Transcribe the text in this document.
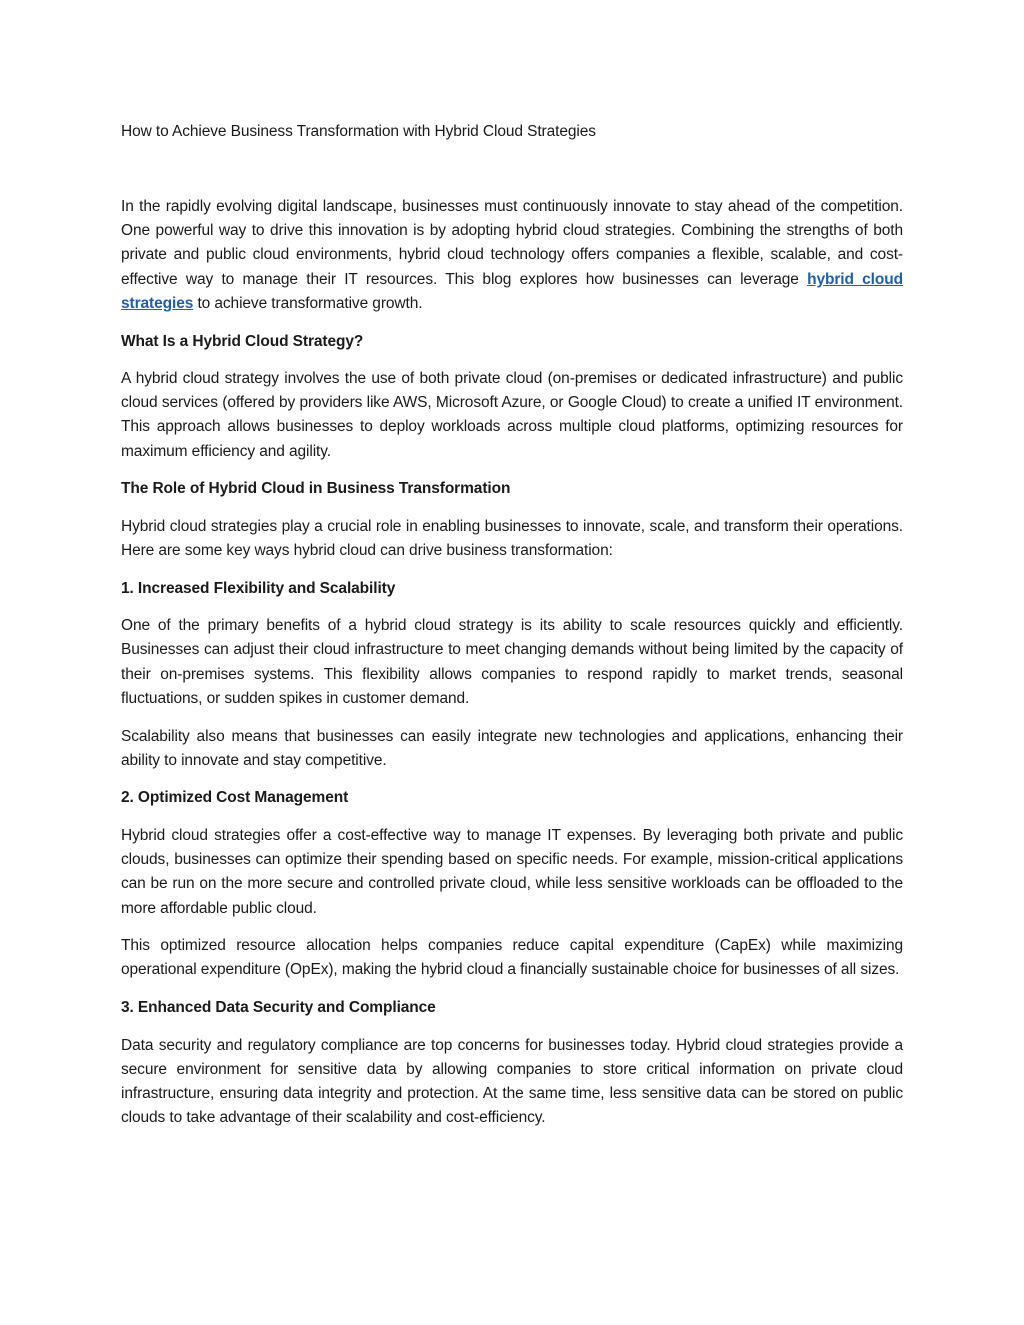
How to Achieve Business Transformation with Hybrid Cloud Strategies

In the rapidly evolving digital landscape, businesses must continuously innovate to stay ahead of the competition. One powerful way to drive this innovation is by adopting hybrid cloud strategies. Combining the strengths of both private and public cloud environments, hybrid cloud technology offers companies a flexible, scalable, and cost-effective way to manage their IT resources. This blog explores how businesses can leverage hybrid cloud strategies to achieve transformative growth.

What Is a Hybrid Cloud Strategy?

A hybrid cloud strategy involves the use of both private cloud (on-premises or dedicated infrastructure) and public cloud services (offered by providers like AWS, Microsoft Azure, or Google Cloud) to create a unified IT environment. This approach allows businesses to deploy workloads across multiple cloud platforms, optimizing resources for maximum efficiency and agility.

The Role of Hybrid Cloud in Business Transformation

Hybrid cloud strategies play a crucial role in enabling businesses to innovate, scale, and transform their operations. Here are some key ways hybrid cloud can drive business transformation:

1. Increased Flexibility and Scalability

One of the primary benefits of a hybrid cloud strategy is its ability to scale resources quickly and efficiently. Businesses can adjust their cloud infrastructure to meet changing demands without being limited by the capacity of their on-premises systems. This flexibility allows companies to respond rapidly to market trends, seasonal fluctuations, or sudden spikes in customer demand.

Scalability also means that businesses can easily integrate new technologies and applications, enhancing their ability to innovate and stay competitive.

2. Optimized Cost Management

Hybrid cloud strategies offer a cost-effective way to manage IT expenses. By leveraging both private and public clouds, businesses can optimize their spending based on specific needs. For example, mission-critical applications can be run on the more secure and controlled private cloud, while less sensitive workloads can be offloaded to the more affordable public cloud.

This optimized resource allocation helps companies reduce capital expenditure (CapEx) while maximizing operational expenditure (OpEx), making the hybrid cloud a financially sustainable choice for businesses of all sizes.

3. Enhanced Data Security and Compliance

Data security and regulatory compliance are top concerns for businesses today. Hybrid cloud strategies provide a secure environment for sensitive data by allowing companies to store critical information on private cloud infrastructure, ensuring data integrity and protection. At the same time, less sensitive data can be stored on public clouds to take advantage of their scalability and cost-efficiency.
